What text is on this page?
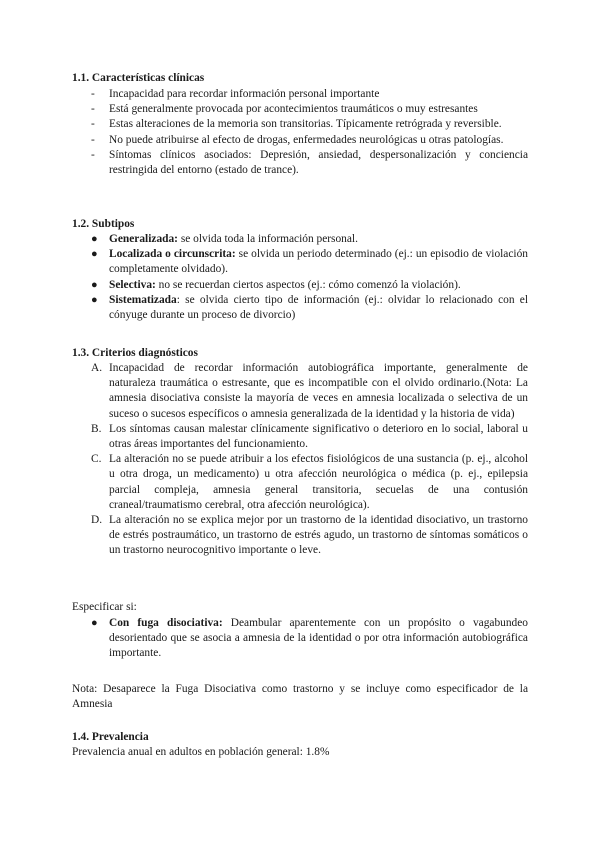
1.1. Características clínicas
- Incapacidad para recordar información personal importante
- Está generalmente provocada por acontecimientos traumáticos o muy estresantes
- Estas alteraciones de la memoria son transitorias. Típicamente retrógrada y reversible.
- No puede atribuirse al efecto de drogas, enfermedades neurológicas u otras patologías.
- Síntomas clínicos asociados: Depresión, ansiedad, despersonalización y conciencia restringida del entorno (estado de trance).
1.2. Subtipos
● Generalizada: se olvida toda la información personal.
● Localizada o circunscrita: se olvida un periodo determinado (ej.: un episodio de violación completamente olvidado).
● Selectiva: no se recuerdan ciertos aspectos (ej.: cómo comenzó la violación).
● Sistematizada: se olvida cierto tipo de información (ej.: olvidar lo relacionado con el cónyuge durante un proceso de divorcio)
1.3. Criterios diagnósticos
A. Incapacidad de recordar información autobiográfica importante, generalmente de naturaleza traumática o estresante, que es incompatible con el olvido ordinario.(Nota: La amnesia disociativa consiste la mayoría de veces en amnesia localizada o selectiva de un suceso o sucesos específicos o amnesia generalizada de la identidad y la historia de vida)
B. Los síntomas causan malestar clínicamente significativo o deterioro en lo social, laboral u otras áreas importantes del funcionamiento.
C. La alteración no se puede atribuir a los efectos fisiológicos de una sustancia (p. ej., alcohol u otra droga, un medicamento) u otra afección neurológica o médica (p. ej., epilepsia parcial compleja, amnesia general transitoria, secuelas de una contusión craneal/traumatismo cerebral, otra afección neurológica).
D. La alteración no se explica mejor por un trastorno de la identidad disociativo, un trastorno de estrés postraumático, un trastorno de estrés agudo, un trastorno de síntomas somáticos o un trastorno neurocognitivo importante o leve.
Especificar si:
● Con fuga disociativa: Deambular aparentemente con un propósito o vagabundeo desorientado que se asocia a amnesia de la identidad o por otra información autobiográfica importante.
Nota: Desaparece la Fuga Disociativa como trastorno y se incluye como especificador de la Amnesia
1.4. Prevalencia
Prevalencia anual en adultos en población general: 1.8%
